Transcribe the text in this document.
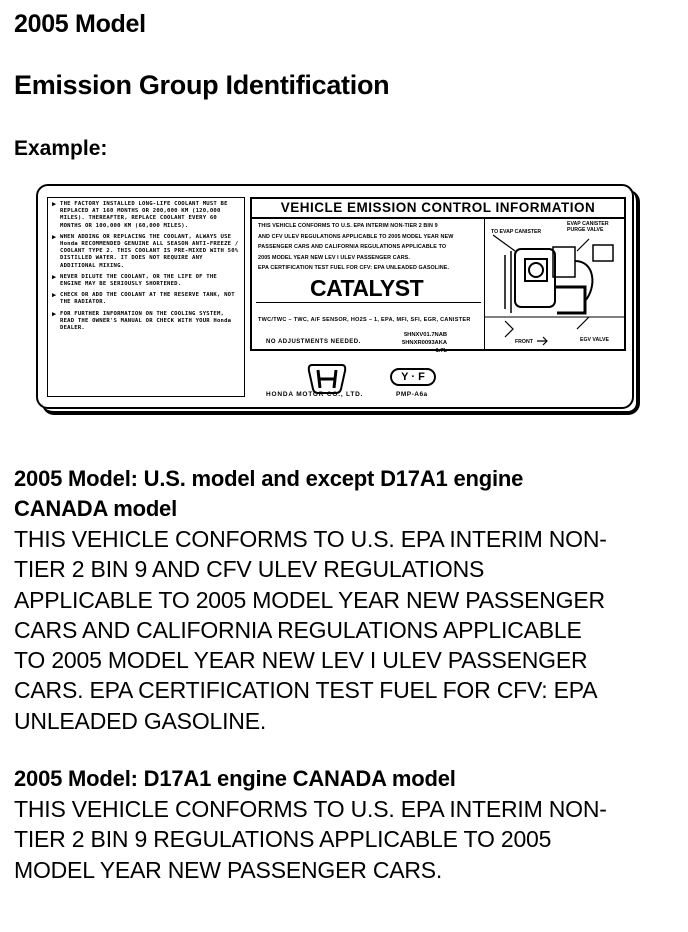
2005 Model
Emission Group Identification
Example:
▶ THE FACTORY INSTALLED LONG-LIFE COOLANT MUST BE REPLACED AT 160 MONTHS OR 200,000 KM (120,000 MILES). THEREAFTER, REPLACE COOLANT EVERY 60 MONTHS OR 100,000 KM (60,000 MILES).
▶ WHEN ADDING OR REPLACING THE COOLANT, ALWAYS USE Honda RECOMMENDED GENUINE ALL SEASON ANTI-FREEZE / COOLANT TYPE 2. THIS COOLANT IS PRE-MIXED WITH 50% DISTILLED WATER. IT DOES NOT REQUIRE ANY ADDITIONAL MIXING.
▶ NEVER DILUTE THE COOLANT, OR THE LIFE OF THE ENGINE MAY BE SERIOUSLY SHORTENED.
▶ CHECK OR ADD THE COOLANT AT THE RESERVE TANK, NOT THE RADIATOR.
▶ FOR FURTHER INFORMATION ON THE COOLING SYSTEM, READ THE OWNER'S MANUAL OR CHECK WITH YOUR Honda DEALER.
VEHICLE EMISSION CONTROL INFORMATION
THIS VEHICLE CONFORMS TO U.S. EPA INTERIM NON-TIER 2 BIN 9
AND CFV ULEV REGULATIONS APPLICABLE TO 2005 MODEL YEAR NEW
PASSENGER CARS AND CALIFORNIA REGULATIONS APPLICABLE TO
2005 MODEL YEAR NEW LEV I ULEV PASSENGER CARS.
EPA CERTIFICATION TEST FUEL FOR CFV: EPA UNLEADED GASOLINE.
CATALYST
TWC/TWC – TWC, A/F SENSOR, HO2S – 1, EPA, MFI, SFI, EGR, CANISTER
NO ADJUSTMENTS NEEDED.
5HNXV01.7NAB
5HNXR0093AKA
1.7L
TO EVAP CANISTER
EVAP CANISTER PURGE VALVE
FRONT	EGV VALVE
Y · F
HONDA MOTOR CO., LTD.	PMP-A6a
2005 Model: U.S. model and except D17A1 engine
CANADA model
THIS VEHICLE CONFORMS TO U.S. EPA INTERIM NON-
TIER 2 BIN 9 AND CFV ULEV REGULATIONS
APPLICABLE TO 2005 MODEL YEAR NEW PASSENGER
CARS AND CALIFORNIA REGULATIONS APPLICABLE
TO 2005 MODEL YEAR NEW LEV I ULEV PASSENGER
CARS. EPA CERTIFICATION TEST FUEL FOR CFV: EPA
UNLEADED GASOLINE.
2005 Model: D17A1 engine CANADA model
THIS VEHICLE CONFORMS TO U.S. EPA INTERIM NON-
TIER 2 BIN 9 REGULATIONS APPLICABLE TO 2005
MODEL YEAR NEW PASSENGER CARS.
